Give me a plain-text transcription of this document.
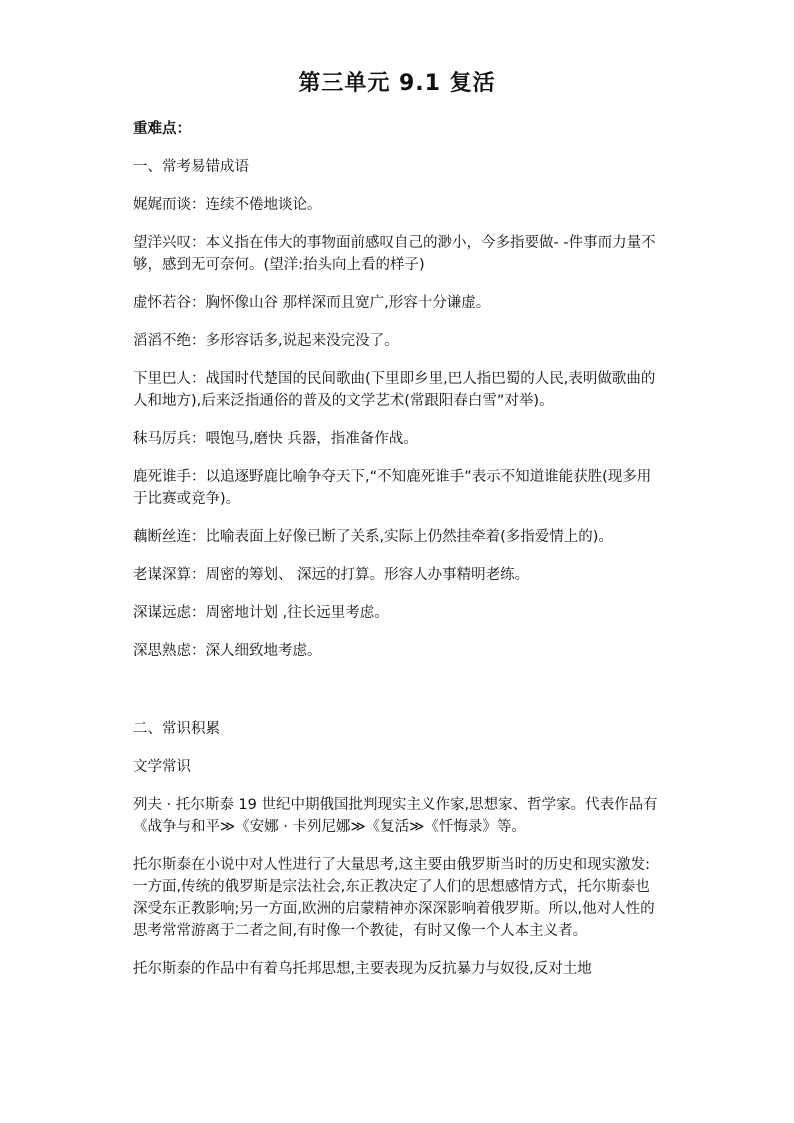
第三单元 9.1 复活

重难点：

一、常考易错成语

娓娓而谈：连续不倦地谈论。

望洋兴叹：本义指在伟大的事物面前感叹自己的渺小，今多指要做- -件事而力量不够，感到无可奈何。(望洋:抬头向上看的样子)

虚怀若谷：胸怀像山谷 那样深而且宽广,形容十分谦虚。

滔滔不绝：多形容话多,说起来没完没了。

下里巴人：战国时代楚国的民间歌曲(下里即乡里,巴人指巴蜀的人民,表明做歌曲的人和地方),后来泛指通俗的普及的文学艺术(常跟阳春白雪”对举)。

秣马厉兵：喂饱马,磨快 兵器，指准备作战。

鹿死谁手：以追逐野鹿比喻争夺天下,“不知鹿死谁手”表示不知道谁能获胜(现多用于比赛或竞争)。

藕断丝连：比喻表面上好像已断了关系,实际上仍然挂牵着(多指爱情上的)。

老谋深算：周密的筹划、 深远的打算。形容人办事精明老练。

深谋远虑：周密地计划 ,往长远里考虑。

深思熟虑：深人细致地考虑。

二、常识积累

文学常识

列夫 · 托尔斯泰 19 世纪中期俄国批判现实主义作家,思想家、哲学家。代表作品有《战争与和平≫《安娜 · 卡列尼娜≫《复活≫《忏悔录》等。

托尔斯泰在小说中对人性进行了大量思考,这主要由俄罗斯当时的历史和现实激发:一方面,传统的俄罗斯是宗法社会,东正教决定了人们的思想感情方式，托尔斯泰也深受东正教影响;另一方面,欧洲的启蒙精神亦深深影响着俄罗斯。所以,他对人性的思考常常游离于二者之间,有时像一个教徒，有时又像一个人本主义者。

托尔斯泰的作品中有着乌托邦思想,主要表现为反抗暴力与奴役,反对土地
